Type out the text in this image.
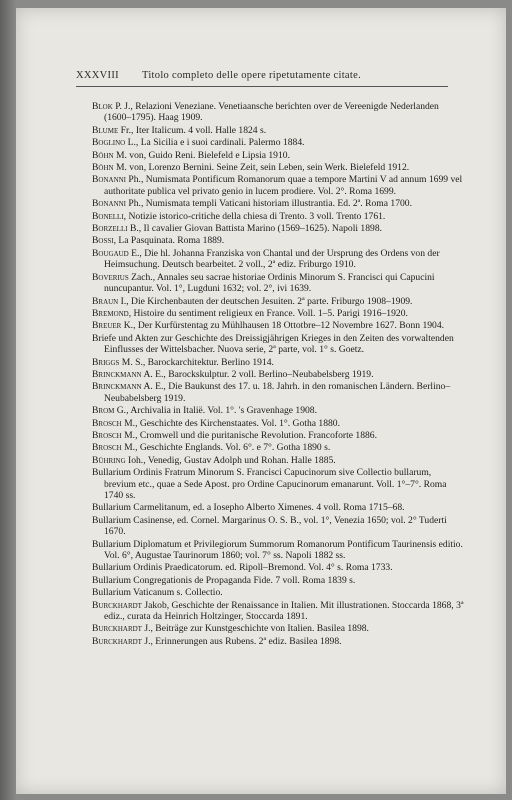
XXXVIII Titolo completo delle opere ripetutamente citate.

Blok P. J., Relazioni Veneziane. Venetiaansche berichten over de Vereenigde Nederlanden (1600–1795). Haag 1909.

Blume Fr., Iter Italicum. 4 voll. Halle 1824 s.

Boglino L., La Sicilia e i suoi cardinali. Palermo 1884.

Böhn M. von, Guido Reni. Bielefeld e Lipsia 1910.

Böhn M. von, Lorenzo Bernini. Seine Zeit, sein Leben, sein Werk. Bielefeld 1912.

Bonanni Ph., Numismata Pontificum Romanorum quae a tempore Martini V ad annum 1699 vel authoritate publica vel privato genio in lucem prodiere. Vol. 2°. Roma 1699.

Bonanni Ph., Numismata templi Vaticani historiam illustrantia. Ed. 2ª. Roma 1700.

Bonelli, Notizie istorico-critiche della chiesa di Trento. 3 voll. Trento 1761.

Borzelli B., Il cavalier Giovan Battista Marino (1569–1625). Napoli 1898.

Bossi, La Pasquinata. Roma 1889.

Bougaud E., Die hl. Johanna Franziska von Chantal und der Ursprung des Ordens von der Heimsuchung. Deutsch bearbeitet. 2 voll., 2ª ediz. Friburgo 1910.

Boverius Zach., Annales seu sacrae historiae Ordinis Minorum S. Francisci qui Capucini nuncupantur. Vol. 1°, Lugduni 1632; vol. 2°, ivi 1639.

Braun I., Die Kirchenbauten der deutschen Jesuiten. 2ª parte. Friburgo 1908–1909.

Bremond, Histoire du sentiment religieux en France. Voll. 1–5. Parigi 1916–1920.

Breuer K., Der Kurfürstentag zu Mühlhausen 18 Ottotbre–12 Novembre 1627. Bonn 1904.

Briefe und Akten zur Geschichte des Dreissigjährigen Krieges in den Zeiten des vorwaltenden Einflusses der Wittelsbacher. Nuova serie, 2ª parte, vol. 1° s. Goetz.

Briggs M. S., Barockarchitektur. Berlino 1914.

Brinckmann A. E., Barockskulptur. 2 voll. Berlino–Neubabelsberg 1919.

Brinckmann A. E., Die Baukunst des 17. u. 18. Jahrh. in den romanischen Ländern. Berlino–Neubabelsberg 1919.

Brom G., Archivalia in Italië. Vol. 1°. 's Gravenhage 1908.

Brosch M., Geschichte des Kirchenstaates. Vol. 1°. Gotha 1880.

Brosch M., Cromwell und die puritanische Revolution. Francoforte 1886.

Brosch M., Geschichte Englands. Vol. 6°. e 7°. Gotha 1890 s.

Bühring Ioh., Venedig, Gustav Adolph und Rohan. Halle 1885.

Bullarium Ordinis Fratrum Minorum S. Francisci Capucinorum sive Collectio bullarum, brevium etc., quae a Sede Apost. pro Ordine Capucinorum emanarunt. Voll. 1°–7°. Roma 1740 ss.

Bullarium Carmelitanum, ed. a Iosepho Alberto Ximenes. 4 voll. Roma 1715–68.

Bullarium Casinense, ed. Cornel. Margarinus O. S. B., vol. 1°, Venezia 1650; vol. 2° Tuderti 1670.

Bullarium Diplomatum et Privilegiorum Summorum Romanorum Pontificum Taurinensis editio. Vol. 6°, Augustae Taurinorum 1860; vol. 7° ss. Napoli 1882 ss.

Bullarium Ordinis Praedicatorum. ed. Ripoll–Bremond. Vol. 4° s. Roma 1733.

Bullarium Congregationis de Propaganda Fide. 7 voll. Roma 1839 s.

Bullarium Vaticanum s. Collectio.

Burckhardt Jakob, Geschichte der Renaissance in Italien. Mit illustrationen. Stoccarda 1868, 3ª ediz., curata da Heinrich Holtzinger, Stoccarda 1891.

Burckhardt J., Beiträge zur Kunstgeschichte von Italien. Basilea 1898.

Burckhardt J., Erinnerungen aus Rubens. 2ª ediz. Basilea 1898.
